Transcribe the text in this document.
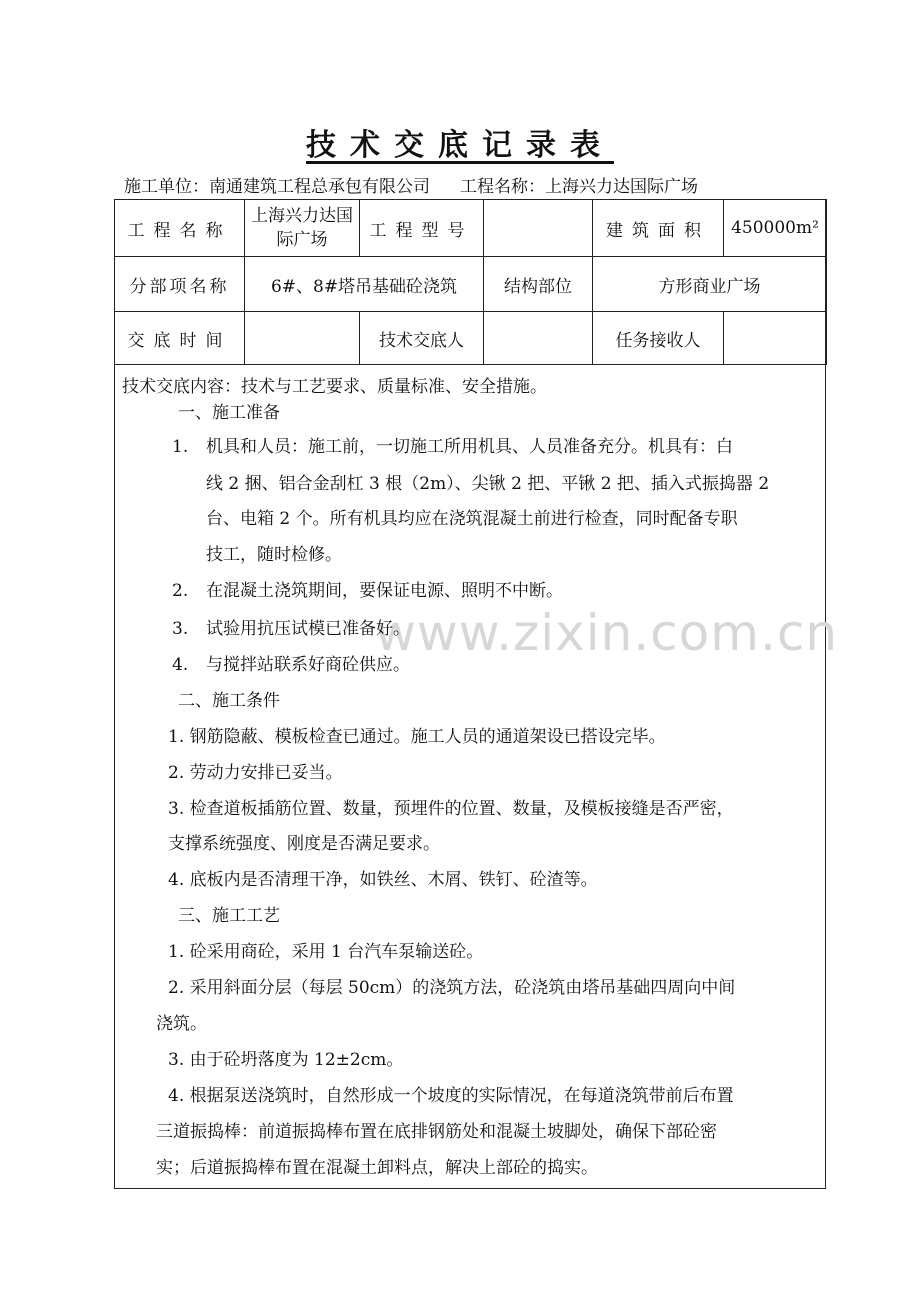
技术交底记录表
施工单位：南通建筑工程总承包有限公司 工程名称：上海兴力达国际广场
工程名称	上海兴力达国际广场	工程型号		建筑面积	450000m²
分部项名称	6#、8#塔吊基础砼浇筑		结构部位	方形商业广场	
交底时间		技术交底人		任务接收人	
www.zixin.com.cn
技术交底内容：技术与工艺要求、质量标准、安全措施。
一、施工准备
1. 机具和人员：施工前，一切施工所用机具、人员准备充分。机具有：白
线 2 捆、铝合金刮杠 3 根（2m）、尖锹 2 把、平锹 2 把、插入式振捣器 2
台、电箱 2 个。所有机具均应在浇筑混凝土前进行检查，同时配备专职
技工，随时检修。
2. 在混凝土浇筑期间，要保证电源、照明不中断。
3. 试验用抗压试模已准备好。
4. 与搅拌站联系好商砼供应。
二、施工条件
1. 钢筋隐蔽、模板检查已通过。施工人员的通道架设已搭设完毕。
2. 劳动力安排已妥当。
3. 检查道板插筋位置、数量，预埋件的位置、数量，及模板接缝是否严密，
支撑系统强度、刚度是否满足要求。
4. 底板内是否清理干净，如铁丝、木屑、铁钉、砼渣等。
三、施工工艺
1. 砼采用商砼，采用 1 台汽车泵输送砼。
2. 采用斜面分层（每层 50cm）的浇筑方法，砼浇筑由塔吊基础四周向中间
浇筑。
3. 由于砼坍落度为 12±2cm。
4. 根据泵送浇筑时，自然形成一个坡度的实际情况，在每道浇筑带前后布置
三道振捣棒：前道振捣棒布置在底排钢筋处和混凝土坡脚处，确保下部砼密
实；后道振捣棒布置在混凝土卸料点，解决上部砼的捣实。
